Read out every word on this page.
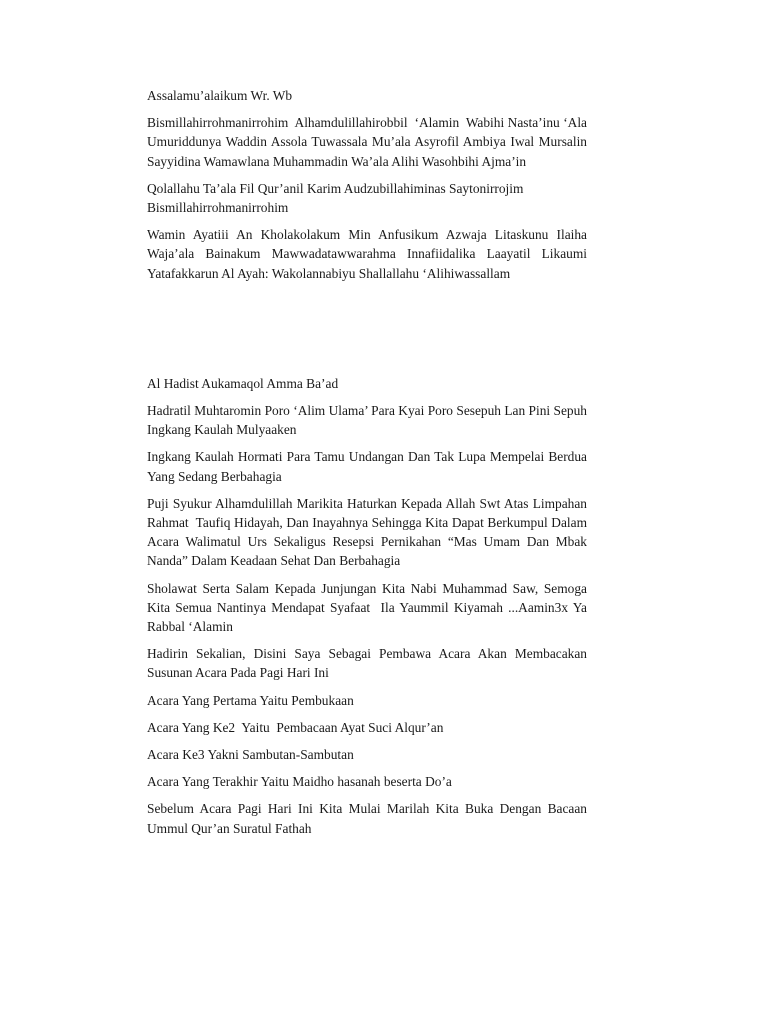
Assalamu’alaikum Wr. Wb

Bismillahirrohmanirrohim  Alhamdulillahirobbil  ‘Alamin  Wabihi Nasta’inu ‘Ala Umuriddunya Waddin Assola Tuwassala Mu’ala Asyrofil Ambiya Iwal Mursalin  Sayyidina Wamawlana Muhammadin Wa’ala Alihi Wasohbihi Ajma’in

Qolallahu Ta’ala Fil Qur’anil Karim Audzubillahiminas Saytonirrojim Bismillahirrohmanirrohim

Wamin Ayatiii An Kholakolakum Min Anfusikum Azwaja Litaskunu Ilaiha Waja’ala Bainakum Mawwadatawwarahma Innafiidalika Laayatil Likaumi Yatafakkarun Al Ayah: Wakolannabiyu Shallallahu ‘Alihiwassallam

Al Hadist Aukamaqol Amma Ba’ad

Hadratil Muhtaromin Poro ‘Alim Ulama’ Para Kyai Poro Sesepuh Lan Pini Sepuh Ingkang Kaulah Mulyaaken

Ingkang Kaulah Hormati Para Tamu Undangan Dan Tak Lupa Mempelai Berdua Yang Sedang Berbahagia

Puji Syukur Alhamdulillah Marikita Haturkan Kepada Allah Swt Atas Limpahan Rahmat  Taufiq Hidayah, Dan Inayahnya Sehingga Kita Dapat Berkumpul Dalam Acara Walimatul Urs Sekaligus Resepsi Pernikahan “Mas Umam Dan Mbak Nanda” Dalam Keadaan Sehat Dan Berbahagia

Sholawat Serta Salam Kepada Junjungan Kita Nabi Muhammad Saw, Semoga Kita Semua Nantinya Mendapat Syafaat  Ila Yaummil Kiyamah ...Aamin3x Ya Rabbal ‘Alamin

Hadirin Sekalian, Disini Saya Sebagai Pembawa Acara Akan Membacakan Susunan Acara Pada Pagi Hari Ini

Acara Yang Pertama Yaitu Pembukaan

Acara Yang Ke2  Yaitu  Pembacaan Ayat Suci Alqur’an

Acara Ke3 Yakni Sambutan-Sambutan

Acara Yang Terakhir Yaitu Maidho hasanah beserta Do’a

Sebelum Acara Pagi Hari Ini Kita Mulai Marilah Kita Buka Dengan Bacaan  Ummul Qur’an Suratul Fathah
